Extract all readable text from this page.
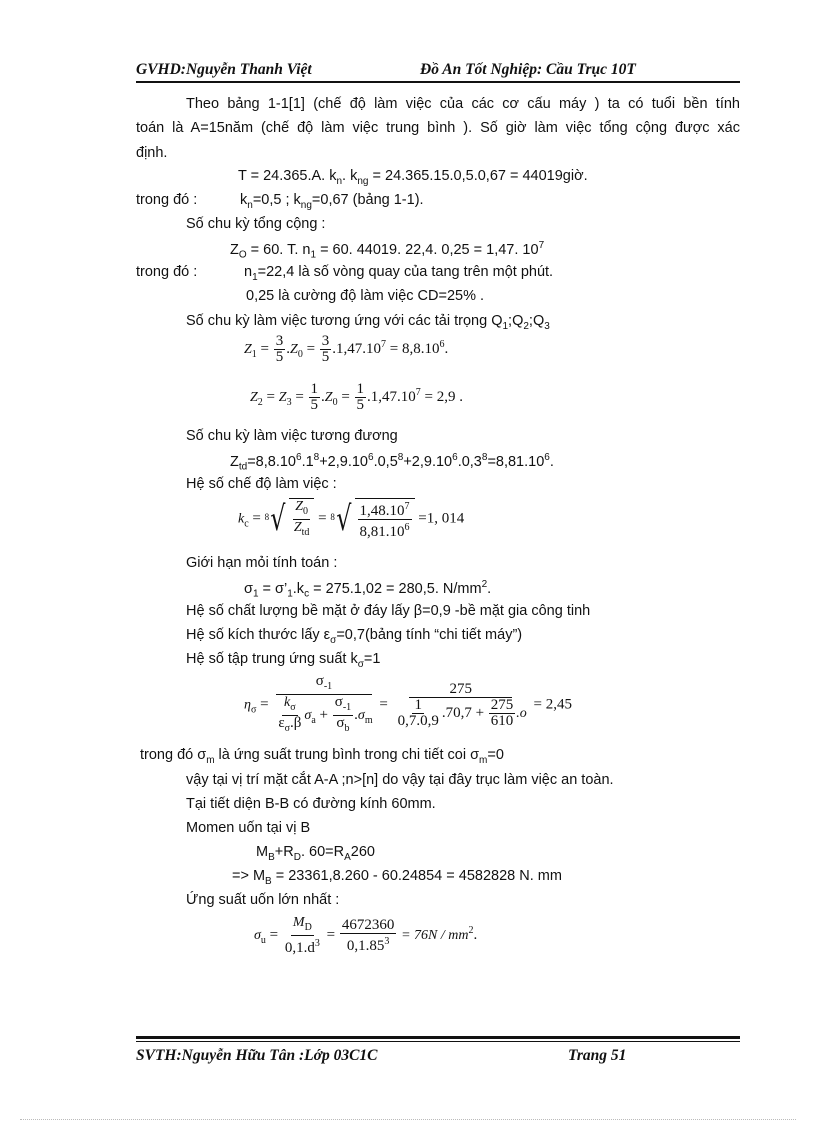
GVHD:Nguyễn Thanh Việt	Đồ An Tốt Nghiệp: Cầu Trục 10T
Theo bảng 1-1[1] (chế độ làm việc của các cơ cấu máy ) ta có tuổi bền tính
toán là A=15năm (chế độ làm việc trung bình ). Số giờ làm việc tổng cộng được xác
định.
T = 24.365.A. $k_n$. $k_{ng} = 24.365.15.0,5.0,67$ = 44019giờ.
trong đó :	$k_n=0,5$ ; $k_{ng}=0,67$ (bảng 1-1).
Số chu kỳ tổng cộng :
$Z_O = 60$. T. $n_1 = 60$. 44019. 22,4. 0,25 = 1,47. $10^7$
trong đó :	$n_1=22,4$ là số vòng quay của tang trên một phút.
0,25 là cường độ làm việc CD=25% .
Số chu kỳ làm việc tương ứng với các tải trọng $Q_1;Q_2;Q_3$
$Z_1 = \frac{3}{5} .Z_0 = \frac{3}{5} .1,47.10^7 = 8,8.10^6$.
$Z_2 = Z_3 = \frac{1}{5} .Z_0 = \frac{1}{5} .1,47.10^7 = 2,9$ .
Số chu kỳ làm việc tương đương
$Z_{td}=8,8.10^6.1^8+2,9.10^6.0,5^8+2,9.10^6.0,3^8=8,81.10^6$.
Hệ số chế độ làm việc :
$k_c = 8$ √ $\frac{Z_0}{Z_{td}} = 8$ √ $\frac{1,48.10^7}{8,81.10^6} =1$, 014
Giới hạn mỏi tính toán :
$\sigma_1$ = $\sigma’_1.k_c = 275.1,02 = 280,5$. $N/mm^2$.
Hệ số chất lượng bề mặt ở đáy lấy β=0,9 -bề mặt gia công tinh
Hệ số kích thước lấy $\varepsilon_\sigma=0,7(bảng$ tính “chi tiết máy”)
Hệ số tập trung ứng suất $k_\sigma=1$
$\eta_\sigma = \frac{\sigma_{-1}}{\frac{k_\sigma}{\varepsilon_\sigma.\beta} \sigma_a + \frac{\sigma_{-1}}{\sigma_b} .\sigma_m} = \frac{275}{\frac{1}{0,7.0,9} .70,7 + \frac{275}{610} .o} = 2,45$
trong đó $\sigma_m$ là ứng suất trung bình trong chi tiết coi $\sigma_m=0$
vậy tại vị trí mặt cắt A-A ;n>[n] do vậy tại đây trục làm việc an toàn.
Tại tiết diện B-B có đường kính 60mm.
Momen uốn tại vị B
$M_B+R_D$. $60=R_A260$
=> $M_B = 23361,8.260 - 60.24854 = 4582828$ N. mm
Ứng suất uốn lớn nhất :
$\sigma_u = \frac{M_D}{0,1.d^3} = \frac{4672360}{0,1.85^3} = 76N / mm^2$.
SVTH:Nguyễn Hữu Tân :Lớp 03C1C	Trang 51
